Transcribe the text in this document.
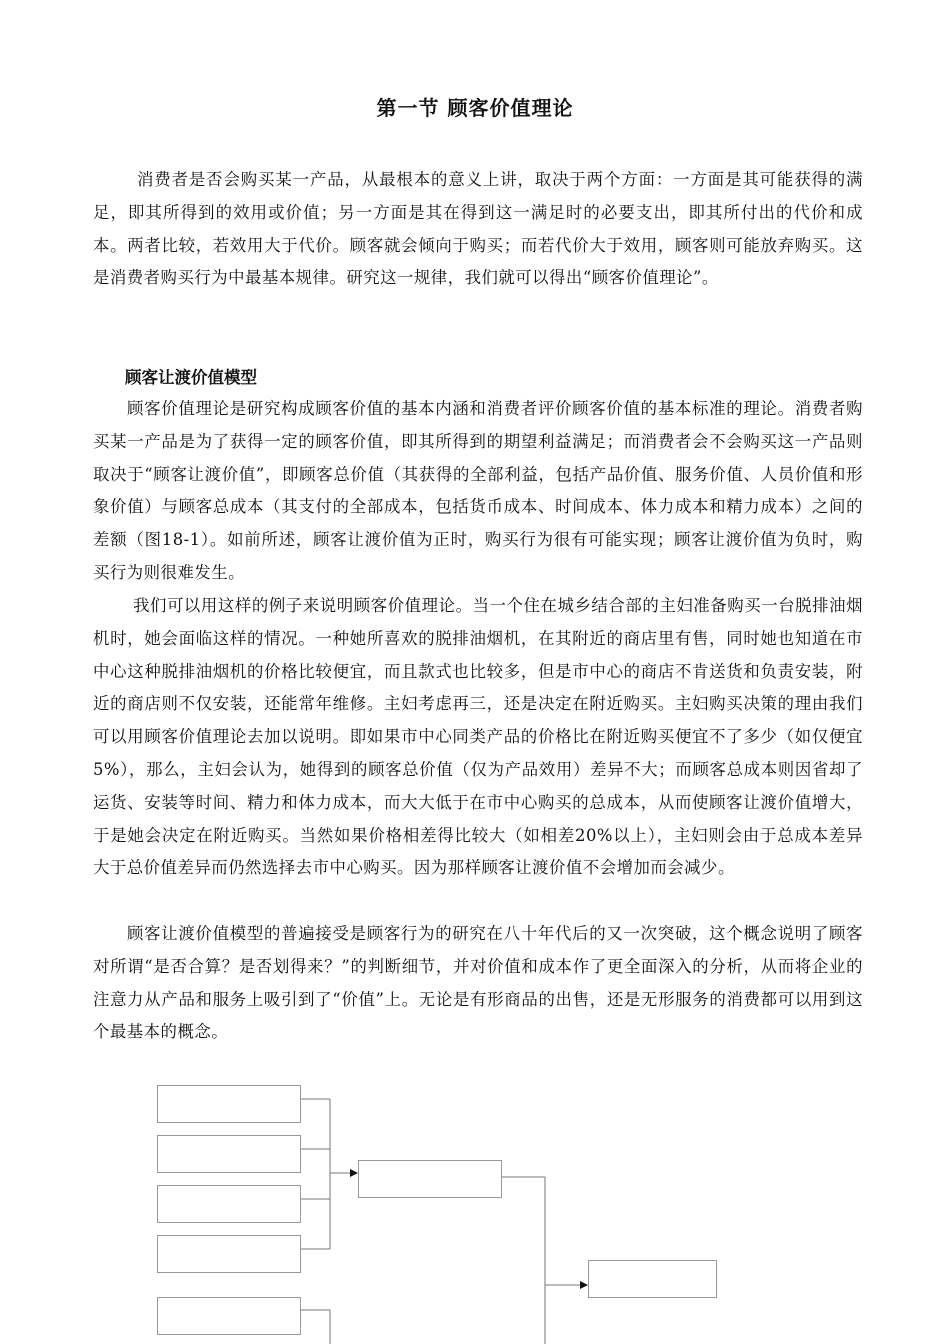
第一节 顾客价值理论

消费者是否会购买某一产品，从最根本的意义上讲，取决于两个方面：一方面是其可能获得的满足，即其所得到的效用或价值；另一方面是其在得到这一满足时的必要支出，即其所付出的代价和成本。两者比较，若效用大于代价。顾客就会倾向于购买；而若代价大于效用，顾客则可能放弃购买。这是消费者购买行为中最基本规律。研究这一规律，我们就可以得出“顾客价值理论”。

顾客让渡价值模型

顾客价值理论是研究构成顾客价值的基本内涵和消费者评价顾客价值的基本标准的理论。消费者购买某一产品是为了获得一定的顾客价值，即其所得到的期望利益满足；而消费者会不会购买这一产品则取决于“顾客让渡价值”，即顾客总价值（其获得的全部利益，包括产品价值、服务价值、人员价值和形象价值）与顾客总成本（其支付的全部成本，包括货币成本、时间成本、体力成本和精力成本）之间的差额（图18-1）。如前所述，顾客让渡价值为正时，购买行为很有可能实现；顾客让渡价值为负时，购买行为则很难发生。

我们可以用这样的例子来说明顾客价值理论。当一个住在城乡结合部的主妇准备购买一台脱排油烟机时，她会面临这样的情况。一种她所喜欢的脱排油烟机，在其附近的商店里有售，同时她也知道在市中心这种脱排油烟机的价格比较便宜，而且款式也比较多，但是市中心的商店不肯送货和负责安装，附近的商店则不仅安装，还能常年维修。主妇考虑再三，还是决定在附近购买。主妇购买决策的理由我们可以用顾客价值理论去加以说明。即如果市中心同类产品的价格比在附近购买便宜不了多少（如仅便宜5%），那么，主妇会认为，她得到的顾客总价值（仅为产品效用）差异不大；而顾客总成本则因省却了运货、安装等时间、精力和体力成本，而大大低于在市中心购买的总成本，从而使顾客让渡价值增大，于是她会决定在附近购买。当然如果价格相差得比较大（如相差20%以上），主妇则会由于总成本差异大于总价值差异而仍然选择去市中心购买。因为那样顾客让渡价值不会增加而会减少。

顾客让渡价值模型的普遍接受是顾客行为的研究在八十年代后的又一次突破，这个概念说明了顾客对所谓“是否合算？是否划得来？”的判断细节，并对价值和成本作了更全面深入的分析，从而将企业的注意力从产品和服务上吸引到了“价值”上。无论是有形商品的出售，还是无形服务的消费都可以用到这个最基本的概念。
